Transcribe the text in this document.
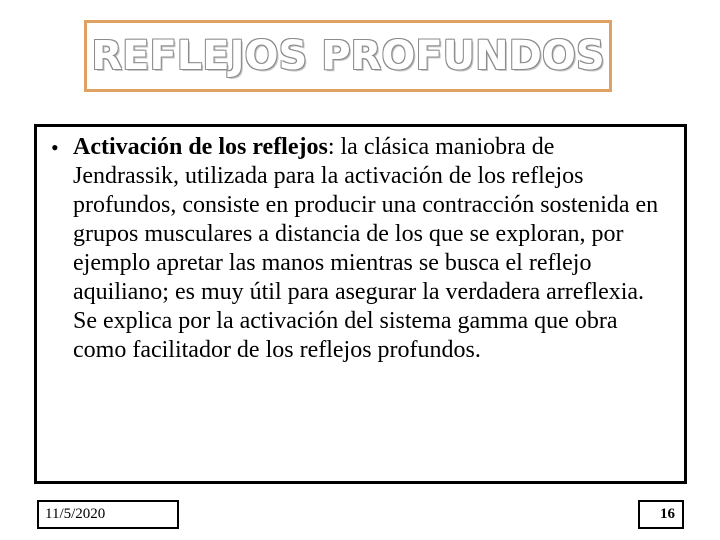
REFLEJOS PROFUNDOS
• Activación de los reflejos: la clásica maniobra de Jendrassik, utilizada para la activación de los reflejos profundos, consiste en producir una contracción sostenida en grupos musculares a distancia de los que se exploran, por ejemplo apretar las manos mientras se busca el reflejo aquiliano; es muy útil para asegurar la verdadera arreflexia. Se explica por la activación del sistema gamma que obra como facilitador de los reflejos profundos.
11/5/2020	16
